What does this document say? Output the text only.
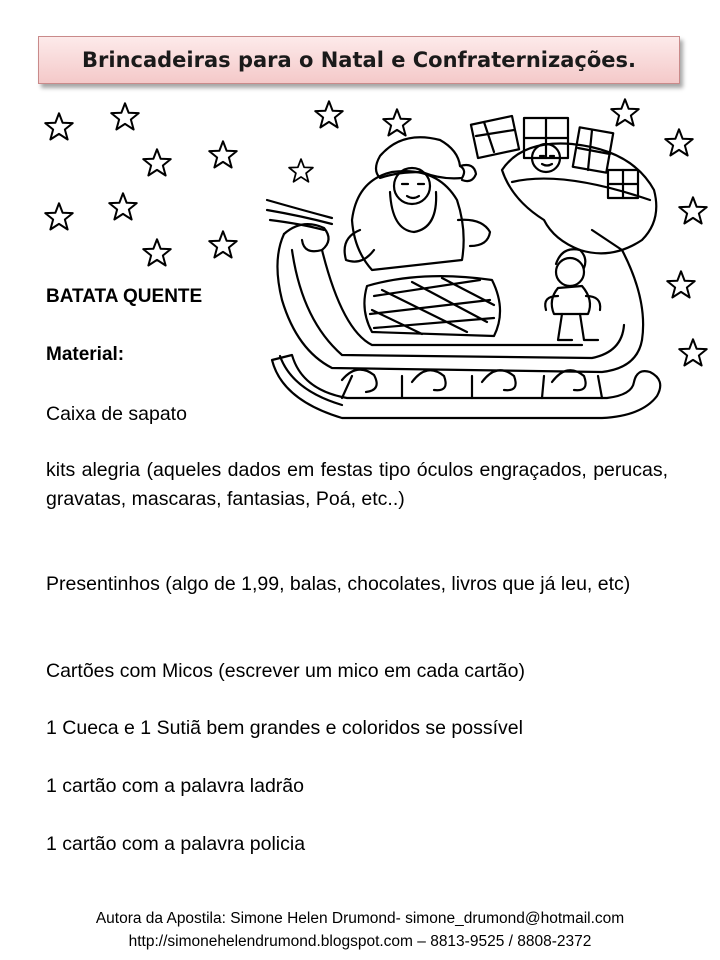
Brincadeiras para o Natal e Confraternizações.
BATATA QUENTE
Material:
Caixa de sapato
kits alegria (aqueles dados em festas tipo óculos engraçados, perucas, gravatas, mascaras, fantasias, Poá, etc..)
Presentinhos (algo de 1,99, balas, chocolates, livros que já leu, etc)
Cartões com Micos (escrever um mico em cada cartão)
1 Cueca e 1 Sutiã bem grandes e coloridos se possível
1 cartão com a palavra ladrão
1 cartão com a palavra policia
Autora da Apostila: Simone Helen Drumond- simone_drumond@hotmail.com
http://simonehelendrumond.blogspot.com – 8813-9525 / 8808-2372
